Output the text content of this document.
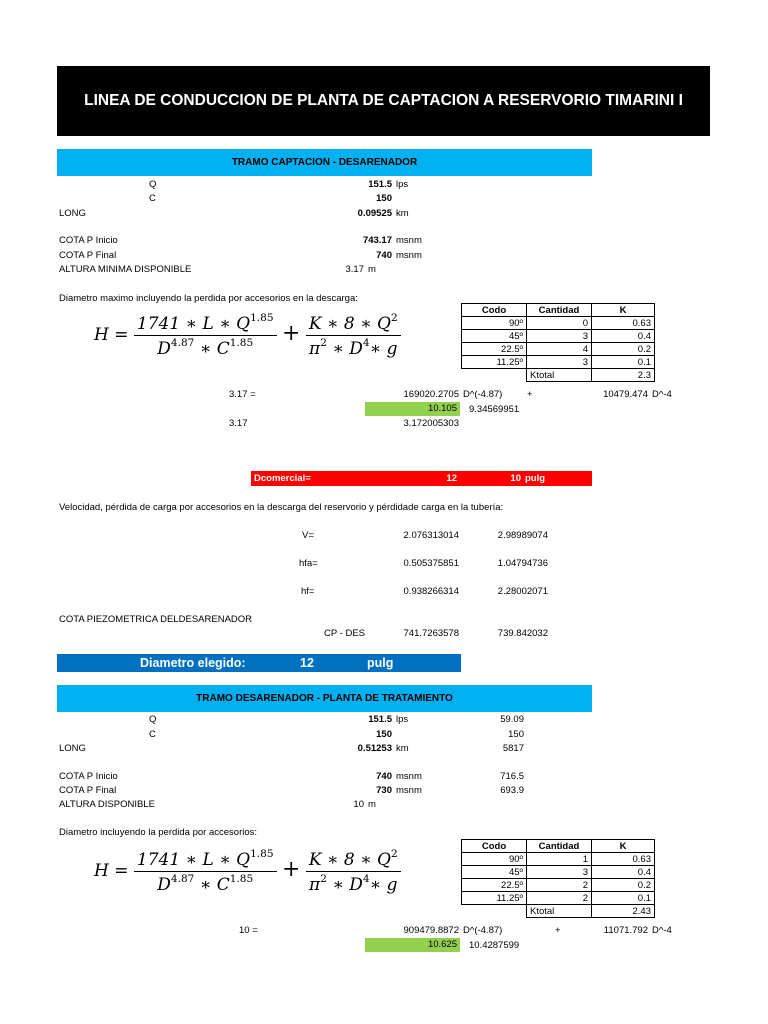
LINEA DE CONDUCCION DE PLANTA DE CAPTACION A RESERVORIO TIMARINI I
TRAMO CAPTACION - DESARENADOR
Q	151.5 lps
C	150
LONG	0.09525 km
COTA P Inicio	743.17 msnm
COTA P Final	740 msnm
ALTURA MINIMA DISPONIBLE	3.17 m
Diametro maximo incluyendo la perdida por accesorios en la descarga:
$H = \frac{1741 ∗ L ∗ Q^{1.85}}{D^{4.87} ∗ C^{1.85}} + \frac{K ∗ 8 ∗ Q^2}{\pi^2 ∗ D^4∗ g}$
Codo	Cantidad	K
90º	0	0.63
45º	3	0.4
22.5º	4	0.2
11.25º	3	0.1
	Ktotal	2.3
3.17 =	169020.2705 D^(-4.87)	+	10479.474 D^-4
10.105	9.34569951
3.17	3.172005303
Dcomercial=	12	10 pulg
Velocidad, pérdida de carga por accesorios en la descarga del reservorio y pérdidade carga en la tubería:
V=	2.076313014	2.98989074
hfa=	0.505375851	1.04794736
hf=	0.938266314	2.28002071
COTA PIEZOMETRICA DELDESARENADOR
CP - DES	741.7263578	739.842032
Diametro elegido:	12	pulg
TRAMO DESARENADOR - PLANTA DE TRATAMIENTO
Q	151.5 lps	59.09
C	150	150
LONG	0.51253 km	5817
COTA P Inicio	740 msnm	716.5
COTA P Final	730 msnm	693.9
ALTURA DISPONIBLE	10 m
Diametro incluyendo la perdida por accesorios:
$H = \frac{1741 ∗ L ∗ Q^{1.85}}{D^{4.87} ∗ C^{1.85}} + \frac{K ∗ 8 ∗ Q^2}{\pi^2 ∗ D^4∗ g}$
Codo	Cantidad	K
90º	1	0.63
45º	3	0.4
22.5º	2	0.2
11.25º	2	0.1
	Ktotal	2.43
10 =	909479.8872 D^(-4.87)	+	11071.792 D^-4
10.625	10.4287599
